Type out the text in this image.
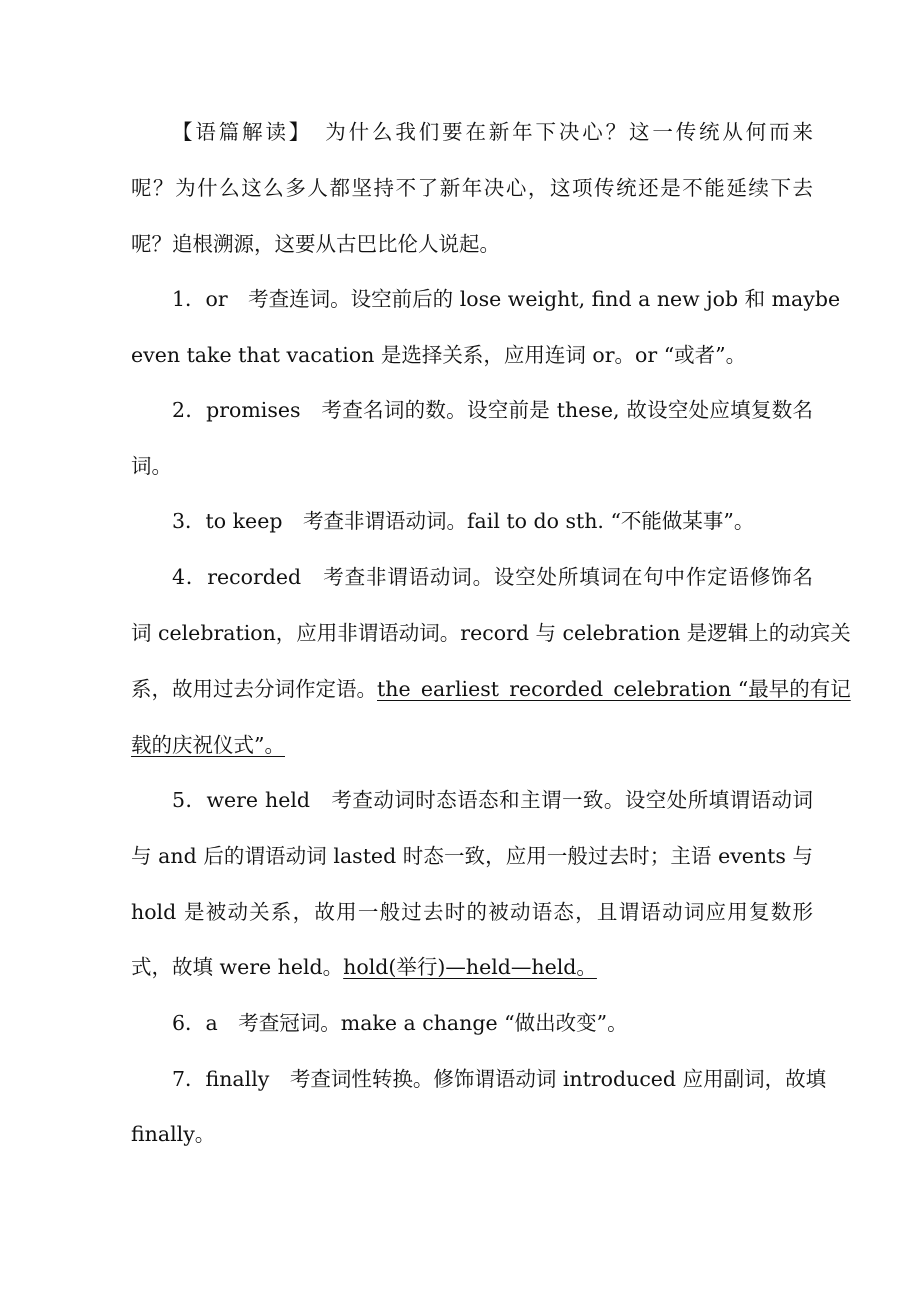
【语篇解读】　为什么我们要在新年下决心？这一传统从何而来
呢？为什么这么多人都坚持不了新年决心，这项传统还是不能延续下去
呢？追根溯源，这要从古巴比伦人说起。
1．or　考查连词。设空前后的 lose weight, find a new job 和 maybe
even take that vacation 是选择关系，应用连词 or。or “或者”。
2．promises　考查名词的数。设空前是 these, 故设空处应填复数名
词。
3．to keep　考查非谓语动词。fail to do sth. “不能做某事”。
4．recorded　考查非谓语动词。设空处所填词在句中作定语修饰名
词 celebration，应用非谓语动词。record 与 celebration 是逻辑上的动宾关
系，故用过去分词作定语。the_earliest_recorded_celebration “最早的有记
载的庆祝仪式”。
5．were held　考查动词时态语态和主谓一致。设空处所填谓语动词
与 and 后的谓语动词 lasted 时态一致，应用一般过去时；主语 events 与
hold 是被动关系，故用一般过去时的被动语态，且谓语动词应用复数形
式，故填 were held。hold(举行)—held—held。
6．a　考查冠词。make a change “做出改变”。
7．finally　考查词性转换。修饰谓语动词 introduced 应用副词，故填
finally。
